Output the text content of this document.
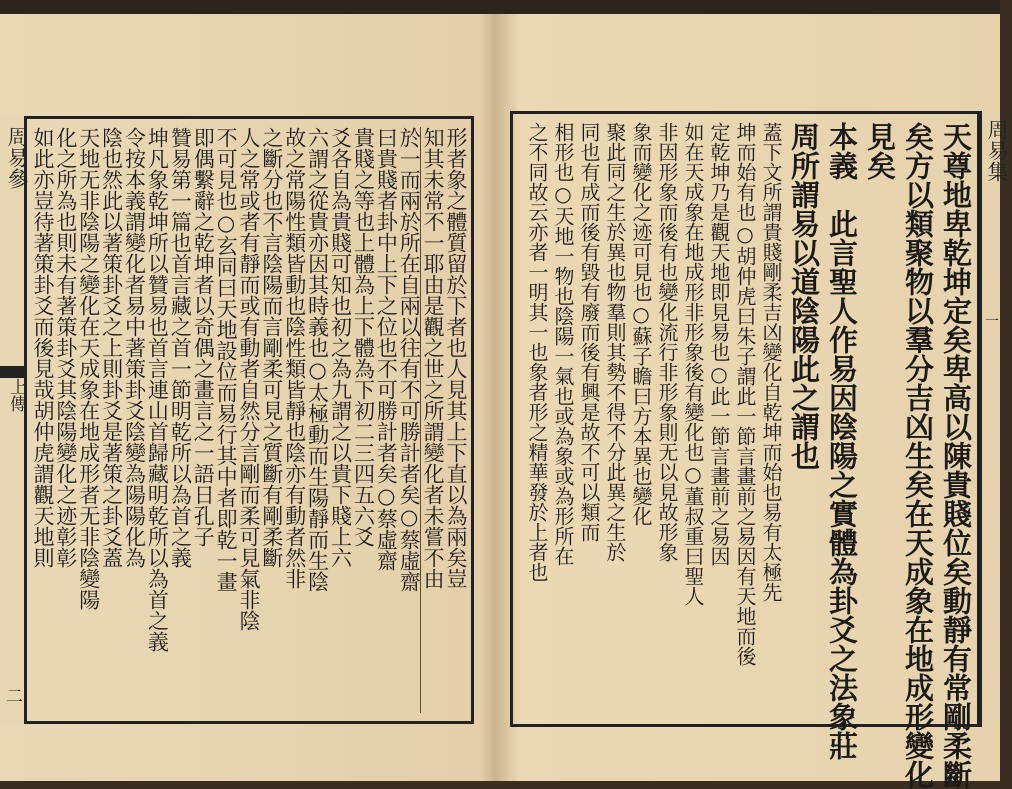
周易參
上傳
二
形者象之體質留於下者也人見其上下直以為兩矣豈
知其未常不一耶由是觀之世之所謂變化者未嘗不由
於一而兩於所在自兩以往有不可勝計者矣○蔡虛齋
曰貴賤者卦中上下之位也不可勝計者矣○蔡虛齋
貴賤之等也上體為上下體為下初二三四五六爻
爻各自為貴賤可知也初之為九謂之以貴下賤上六
六謂之從貴亦因其時義也○太極動而生陽靜而生陰
故之常陽性類皆動也陰性類皆靜也陰亦有動者然非
之斷分也不言陰陽而言剛柔可見之質斷有剛柔斷
人之常或者有靜而或有動者自然分言剛而柔可見氣非陰
不可見也○玄同曰天地設位而易行其中者即乾一畫
即偶繫辭之乾坤者以奇偶之畫言之一語日孔子
贊易第一篇也首言藏之首一節明乾所以為首之義
坤凡象乾坤所以贊易也首言連山首歸藏明乾所以為首之義
令按本義謂變化者易中著策卦爻陰變為陽陽化為
陰也然此以著策卦爻之上則卦爻是著策之卦爻蓋
天地无非陰陽之變化在天成象在地成形者无非陰變陽
化之所為也則未有著策卦爻其陰陽變化之迹彰彰
如此亦豈待著策卦爻而後見哉胡仲虎謂觀天地則	天尊地卑乾坤定矣卑高以陳貴賤位矣動靜有常剛柔斷
矣方以類聚物以羣分吉凶生矣在天成象在地成形變化
見矣
本義　此言聖人作易因陰陽之實體為卦爻之法象莊
周所謂易以道陰陽此之謂也
蓋下文所謂貴賤剛柔吉凶變化自乾坤而始也易有太極先
坤而始有也○胡仲虎曰朱子謂此一節言畫前之易因有天地而後
定乾坤乃是觀天地即見易也○此一節言畫前之易因
如在天成象在地成形非形象後有變化也○董叔重曰聖人
非因形象而後有也變化流行非形象則无以見故形象
象而變化之迹可見也○蘇子瞻曰方本異也變化
聚此同之生於異也物羣則其勢不得不分此異之生於
同也有成而後有毀有廢而後有興是故不可以類而
相形也○天地一物也陰陽一氣也或為象或為形所在
之不同故云亦者一明其一也象者形之精華發於上者也	周易集
一
